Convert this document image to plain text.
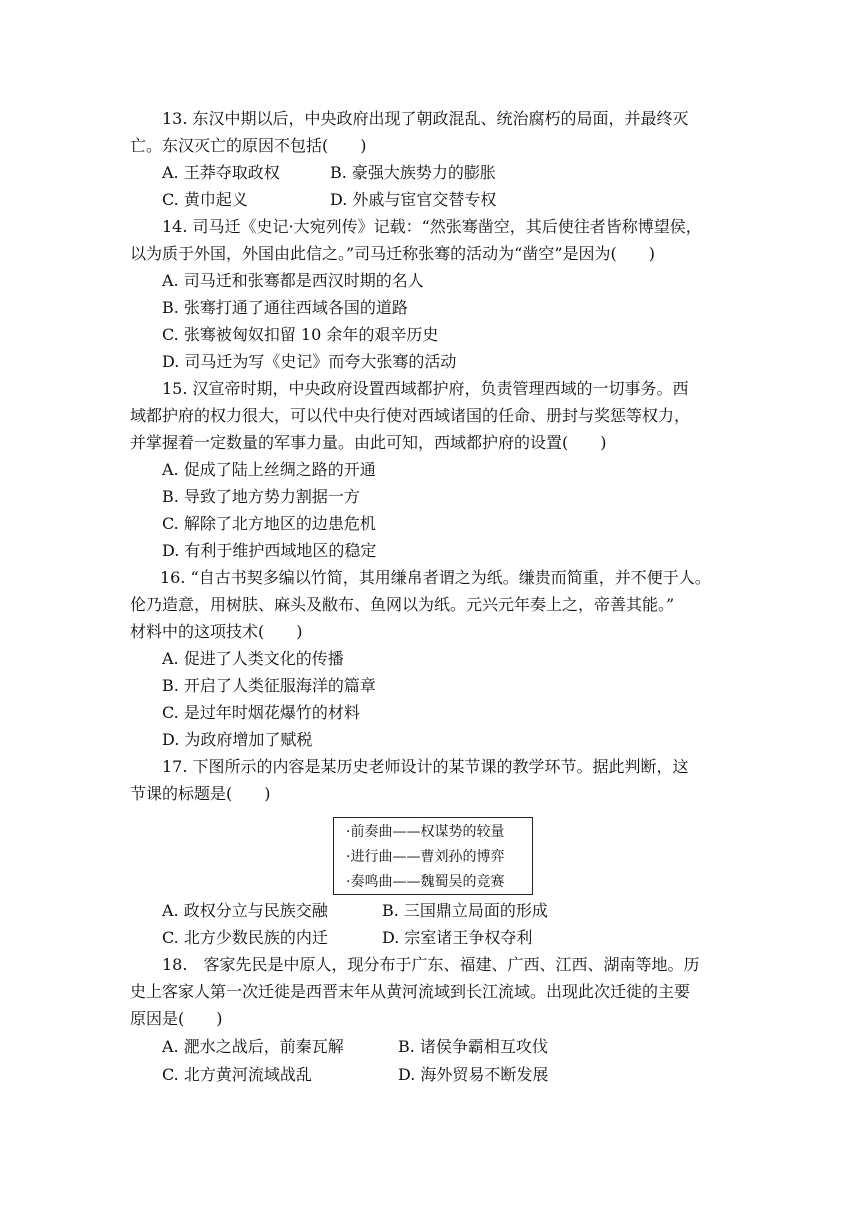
13. 东汉中期以后，中央政府出现了朝政混乱、统治腐朽的局面，并最终灭
亡。东汉灭亡的原因不包括(　　)
A. 王莽夺取政权	B. 豪强大族势力的膨胀
C. 黄巾起义	D. 外戚与宦官交替专权
14. 司马迁《史记·大宛列传》记载：“然张骞凿空，其后使往者皆称博望侯，
以为质于外国，外国由此信之。”司马迁称张骞的活动为“凿空”是因为(　　)
A. 司马迁和张骞都是西汉时期的名人
B. 张骞打通了通往西域各国的道路
C. 张骞被匈奴扣留 10 余年的艰辛历史
D. 司马迁为写《史记》而夸大张骞的活动
15. 汉宣帝时期，中央政府设置西域都护府，负责管理西域的一切事务。西
域都护府的权力很大，可以代中央行使对西域诸国的任命、册封与奖惩等权力，
并掌握着一定数量的军事力量。由此可知，西域都护府的设置(　　)
A. 促成了陆上丝绸之路的开通
B. 导致了地方势力割据一方
C. 解除了北方地区的边患危机
D. 有利于维护西域地区的稳定
16. “自古书契多编以竹简，其用缣帛者谓之为纸。缣贵而简重，并不便于人。
伦乃造意，用树肤、麻头及敝布、鱼网以为纸。元兴元年奏上之，帝善其能。”
材料中的这项技术(　　)
A. 促进了人类文化的传播
B. 开启了人类征服海洋的篇章
C. 是过年时烟花爆竹的材料
D. 为政府增加了赋税
17. 下图所示的内容是某历史老师设计的某节课的教学环节。据此判断，这
节课的标题是(　　)
·前奏曲——权谋势的较量
·进行曲——曹刘孙的博弈
·奏鸣曲——魏蜀吴的竞赛
A. 政权分立与民族交融	B. 三国鼎立局面的形成
C. 北方少数民族的内迁	D. 宗室诸王争权夺利
18.　客家先民是中原人，现分布于广东、福建、广西、江西、湖南等地。历
史上客家人第一次迁徙是西晋末年从黄河流域到长江流域。出现此次迁徙的主要
原因是(　　)
A. 淝水之战后，前秦瓦解	B. 诸侯争霸相互攻伐
C. 北方黄河流域战乱	D. 海外贸易不断发展
